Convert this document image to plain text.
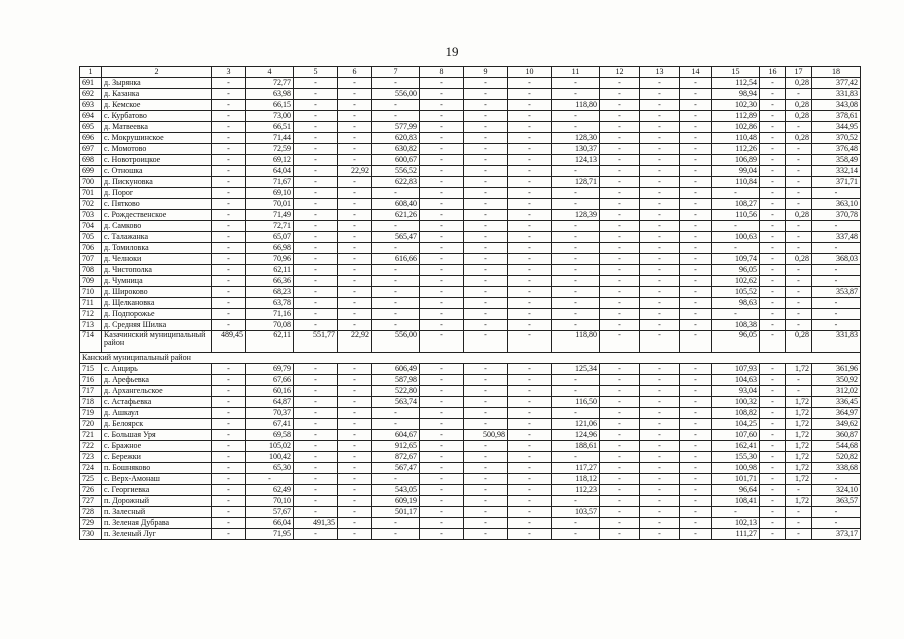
19
1	2	3	4	5	6	7	8	9	10	11	12	13	14	15	16	17	18
691	д. Зырянка	-	72,77	-	-	-	-	-	-	-	-	-	-	112,54	-	0,28	377,42
692	д. Казанка	-	63,98	-	-	556,00	-	-	-	-	-	-	-	98,94	-	-	331,83
693	д. Кемское	-	66,15	-	-	-	-	-	-	118,80	-	-	-	102,30	-	0,28	343,08
694	с. Курбатово	-	73,00	-	-	-	-	-	-	-	-	-	-	112,89	-	0,28	378,61
695	д. Матвеевка	-	66,51	-	-	577,99	-	-	-	-	-	-	-	102,86	-	-	344,95
696	с. Мокрушинское	-	71,44	-	-	620,83	-	-	-	128,30	-	-	-	110,48	-	0,28	370,52
697	с. Момотово	-	72,59	-	-	630,82	-	-	-	130,37	-	-	-	112,26	-	-	376,48
698	с. Новотроицкое	-	69,12	-	-	600,67	-	-	-	124,13	-	-	-	106,89	-	-	358,49
699	с. Отношка	-	64,04	-	22,92	556,52	-	-	-	-	-	-	-	99,04	-	-	332,14
700	д. Пискуновка	-	71,67	-	-	622,83	-	-	-	128,71	-	-	-	110,84	-	-	371,71
701	д. Порог	-	69,10	-	-	-	-	-	-	-	-	-	-	-	-	-	-
702	с. Пятково	-	70,01	-	-	608,40	-	-	-	-	-	-	-	108,27	-	-	363,10
703	с. Рождественское	-	71,49	-	-	621,26	-	-	-	128,39	-	-	-	110,56	-	0,28	370,78
704	д. Самково	-	72,71	-	-	-	-	-	-	-	-	-	-	-	-	-	-
705	с. Талажанка	-	65,07	-	-	565,47	-	-	-	-	-	-	-	100,63	-	-	337,48
706	д. Томиловка	-	66,98	-	-	-	-	-	-	-	-	-	-	-	-	-	-
707	д. Челноки	-	70,96	-	-	616,66	-	-	-	-	-	-	-	109,74	-	0,28	368,03
708	д. Чистополка	-	62,11	-	-	-	-	-	-	-	-	-	-	96,05	-	-	-
709	д. Чумница	-	66,36	-	-	-	-	-	-	-	-	-	-	102,62	-	-	-
710	д. Широково	-	68,23	-	-	-	-	-	-	-	-	-	-	105,52	-	-	353,87
711	д. Щелкановка	-	63,78	-	-	-	-	-	-	-	-	-	-	98,63	-	-	-
712	д. Подпорожье	-	71,16	-	-	-	-	-	-	-	-	-	-	-	-	-	-
713	д. Средняя Шилка	-	70,08	-	-	-	-	-	-	-	-	-	-	108,38	-	-	-
714	Казачинский муниципальный район	489,45	62,11	551,77	22,92	556,00	-	-	-	118,80	-	-	-	96,05	-	0,28	331,83
Канский муниципальный район																	
715	с. Анцирь	-	69,79	-	-	606,49	-	-	-	125,34	-	-	-	107,93	-	1,72	361,96
716	д. Арефьевка	-	67,66	-	-	587,98	-	-	-	-	-	-	-	104,63	-	-	350,92
717	д. Архангельское	-	60,16	-	-	522,80	-	-	-	-	-	-	-	93,04	-	-	312,02
718	с. Астафьевка	-	64,87	-	-	563,74	-	-	-	116,50	-	-	-	100,32	-	1,72	336,45
719	д. Ашкаул	-	70,37	-	-	-	-	-	-	-	-	-	-	108,82	-	1,72	364,97
720	д. Белоярск	-	67,41	-	-	-	-	-	-	121,06	-	-	-	104,25	-	1,72	349,62
721	с. Большая Уря	-	69,58	-	-	604,67	-	500,98	-	124,96	-	-	-	107,60	-	1,72	360,87
722	с. Бражное	-	105,02	-	-	912,65	-	-	-	188,61	-	-	-	162,41	-	1,72	544,68
723	с. Бережки	-	100,42	-	-	872,67	-	-	-	-	-	-	-	155,30	-	1,72	520,82
724	п. Бошняково	-	65,30	-	-	567,47	-	-	-	117,27	-	-	-	100,98	-	1,72	338,68
725	с. Верх-Амонаш	-	-	-	-	-	-	-	-	118,12	-	-	-	101,71	-	1,72	-
726	с. Георгиевка	-	62,49	-	-	543,05	-	-	-	112,23	-	-	-	96,64	-	-	324,10
727	п. Дорожный	-	70,10	-	-	609,19	-	-	-	-	-	-	-	108,41	-	1,72	363,57
728	п. Залесный	-	57,67	-	-	501,17	-	-	-	103,57	-	-	-	-	-	-	-
729	п. Зеленая Дубрава	-	66,04	491,35	-	-	-	-	-	-	-	-	-	102,13	-	-	-
730	п. Зеленый Луг	-	71,95	-	-	-	-	-	-	-	-	-	-	111,27	-	-	373,17
